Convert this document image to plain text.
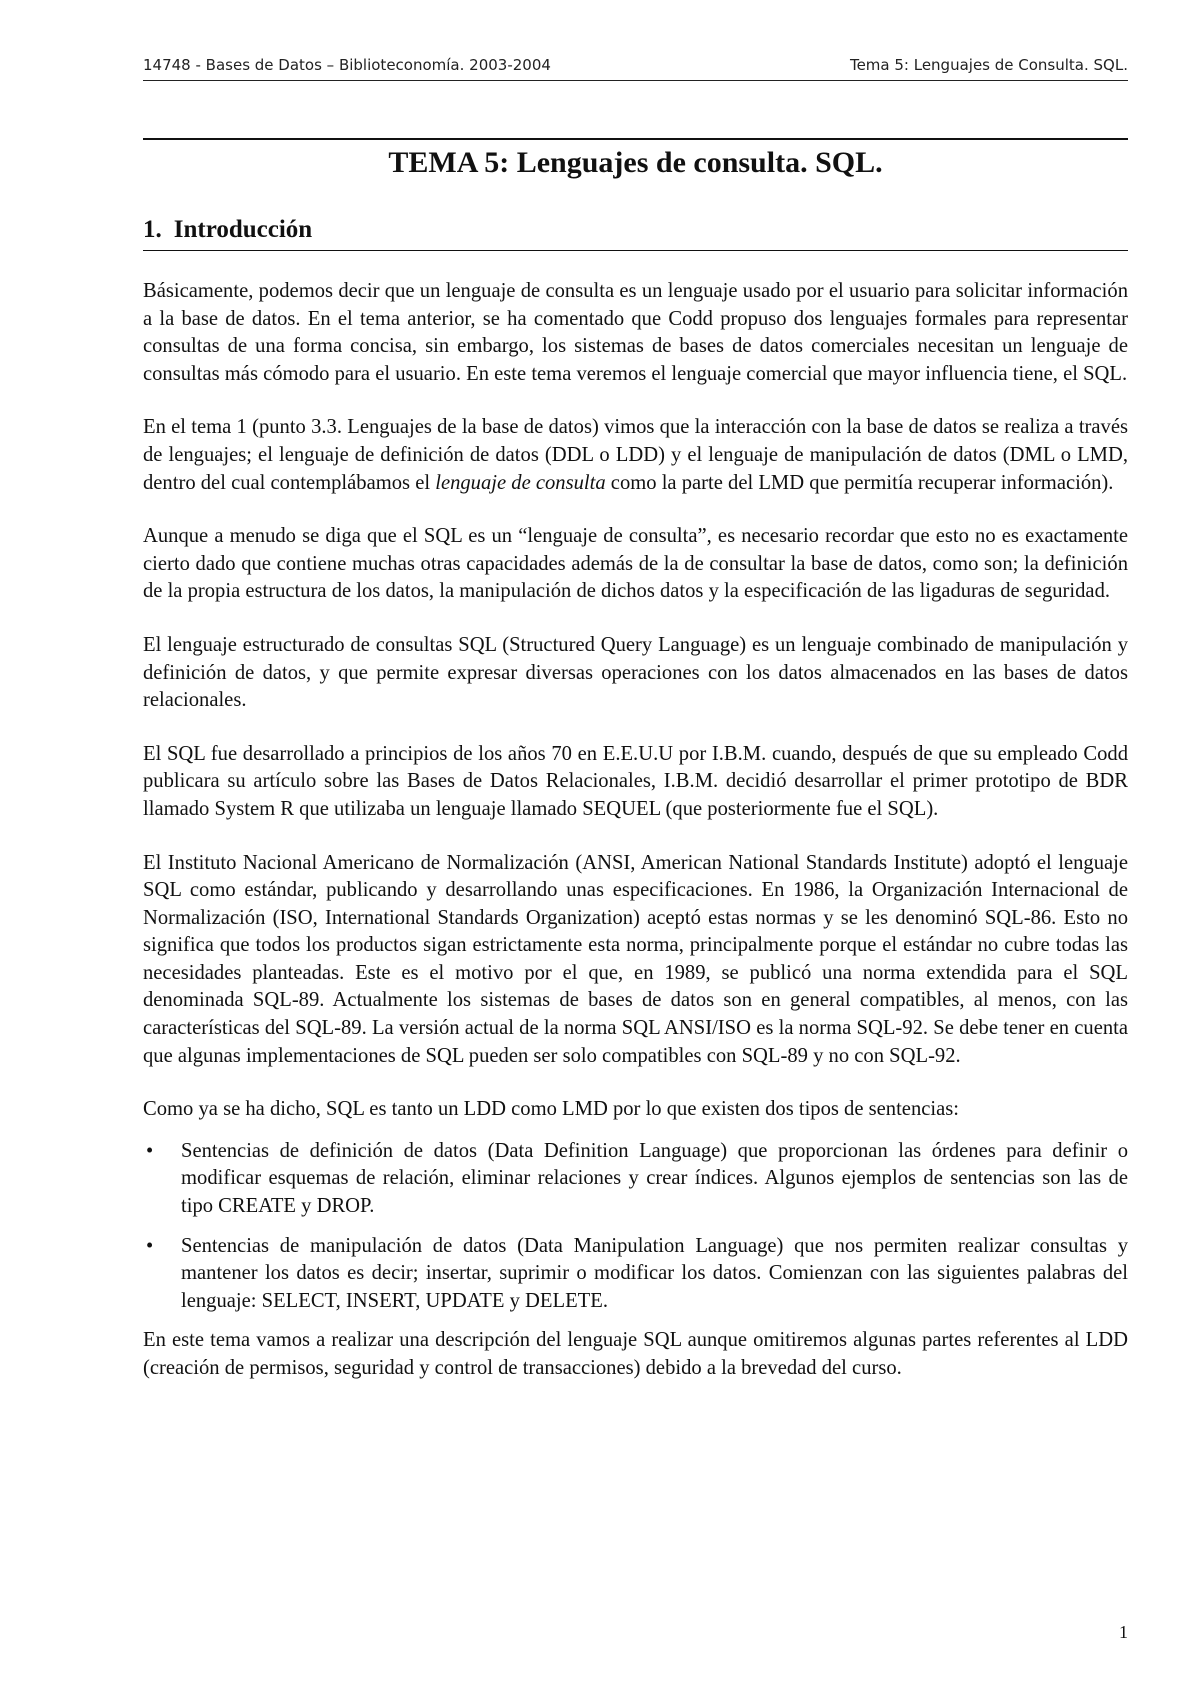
14748 - Bases de Datos – Biblioteconomía. 2003-2004	Tema 5: Lenguajes de Consulta. SQL.
TEMA 5: Lenguajes de consulta. SQL.
1. Introducción

Básicamente, podemos decir que un lenguaje de consulta es un lenguaje usado por el usuario para solicitar información a la base de datos. En el tema anterior, se ha comentado que Codd propuso dos lenguajes formales para representar consultas de una forma concisa, sin embargo, los sistemas de bases de datos comerciales necesitan un lenguaje de consultas más cómodo para el usuario. En este tema veremos el lenguaje comercial que mayor influencia tiene, el SQL.

En el tema 1 (punto 3.3. Lenguajes de la base de datos) vimos que la interacción con la base de datos se realiza a través de lenguajes; el lenguaje de definición de datos (DDL o LDD) y el lenguaje de manipulación de datos (DML o LMD, dentro del cual contemplábamos el lenguaje de consulta como la parte del LMD que permitía recuperar información).

Aunque a menudo se diga que el SQL es un “lenguaje de consulta”, es necesario recordar que esto no es exactamente cierto dado que contiene muchas otras capacidades además de la de consultar la base de datos, como son; la definición de la propia estructura de los datos, la manipulación de dichos datos y la especificación de las ligaduras de seguridad.

El lenguaje estructurado de consultas SQL (Structured Query Language) es un lenguaje combinado de manipulación y definición de datos, y que permite expresar diversas operaciones con los datos almacenados en las bases de datos relacionales.

El SQL fue desarrollado a principios de los años 70 en E.E.U.U por I.B.M. cuando, después de que su empleado Codd publicara su artículo sobre las Bases de Datos Relacionales, I.B.M. decidió desarrollar el primer prototipo de BDR llamado System R que utilizaba un lenguaje llamado SEQUEL (que posteriormente fue el SQL).

El Instituto Nacional Americano de Normalización (ANSI, American National Standards Institute) adoptó el lenguaje SQL como estándar, publicando y desarrollando unas especificaciones. En 1986, la Organización Internacional de Normalización (ISO, International Standards Organization) aceptó estas normas y se les denominó SQL-86. Esto no significa que todos los productos sigan estrictamente esta norma, principalmente porque el estándar no cubre todas las necesidades planteadas. Este es el motivo por el que, en 1989, se publicó una norma extendida para el SQL denominada SQL-89. Actualmente los sistemas de bases de datos son en general compatibles, al menos, con las características del SQL-89. La versión actual de la norma SQL ANSI/ISO es la norma SQL-92. Se debe tener en cuenta que algunas implementaciones de SQL pueden ser solo compatibles con SQL-89 y no con SQL-92.

Como ya se ha dicho, SQL es tanto un LDD como LMD por lo que existen dos tipos de sentencias:

• Sentencias de definición de datos (Data Definition Language) que proporcionan las órdenes para definir o modificar esquemas de relación, eliminar relaciones y crear índices. Algunos ejemplos de sentencias son las de tipo CREATE y DROP.
• Sentencias de manipulación de datos (Data Manipulation Language) que nos permiten realizar consultas y mantener los datos es decir; insertar, suprimir o modificar los datos. Comienzan con las siguientes palabras del lenguaje: SELECT, INSERT, UPDATE y DELETE.

En este tema vamos a realizar una descripción del lenguaje SQL aunque omitiremos algunas partes referentes al LDD (creación de permisos, seguridad y control de transacciones) debido a la brevedad del curso.

1
